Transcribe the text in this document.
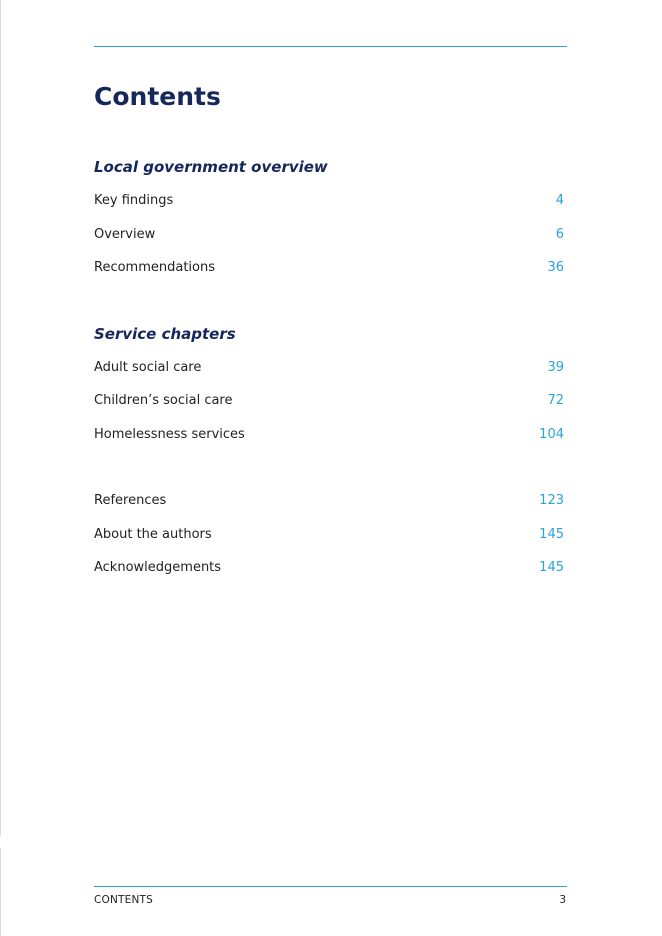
Contents
Local government overview
Key findings	4
Overview	6
Recommendations	36
Service chapters
Adult social care	39
Children’s social care	72
Homelessness services	104
References	123
About the authors	145
Acknowledgements	145
CONTENTS	3
